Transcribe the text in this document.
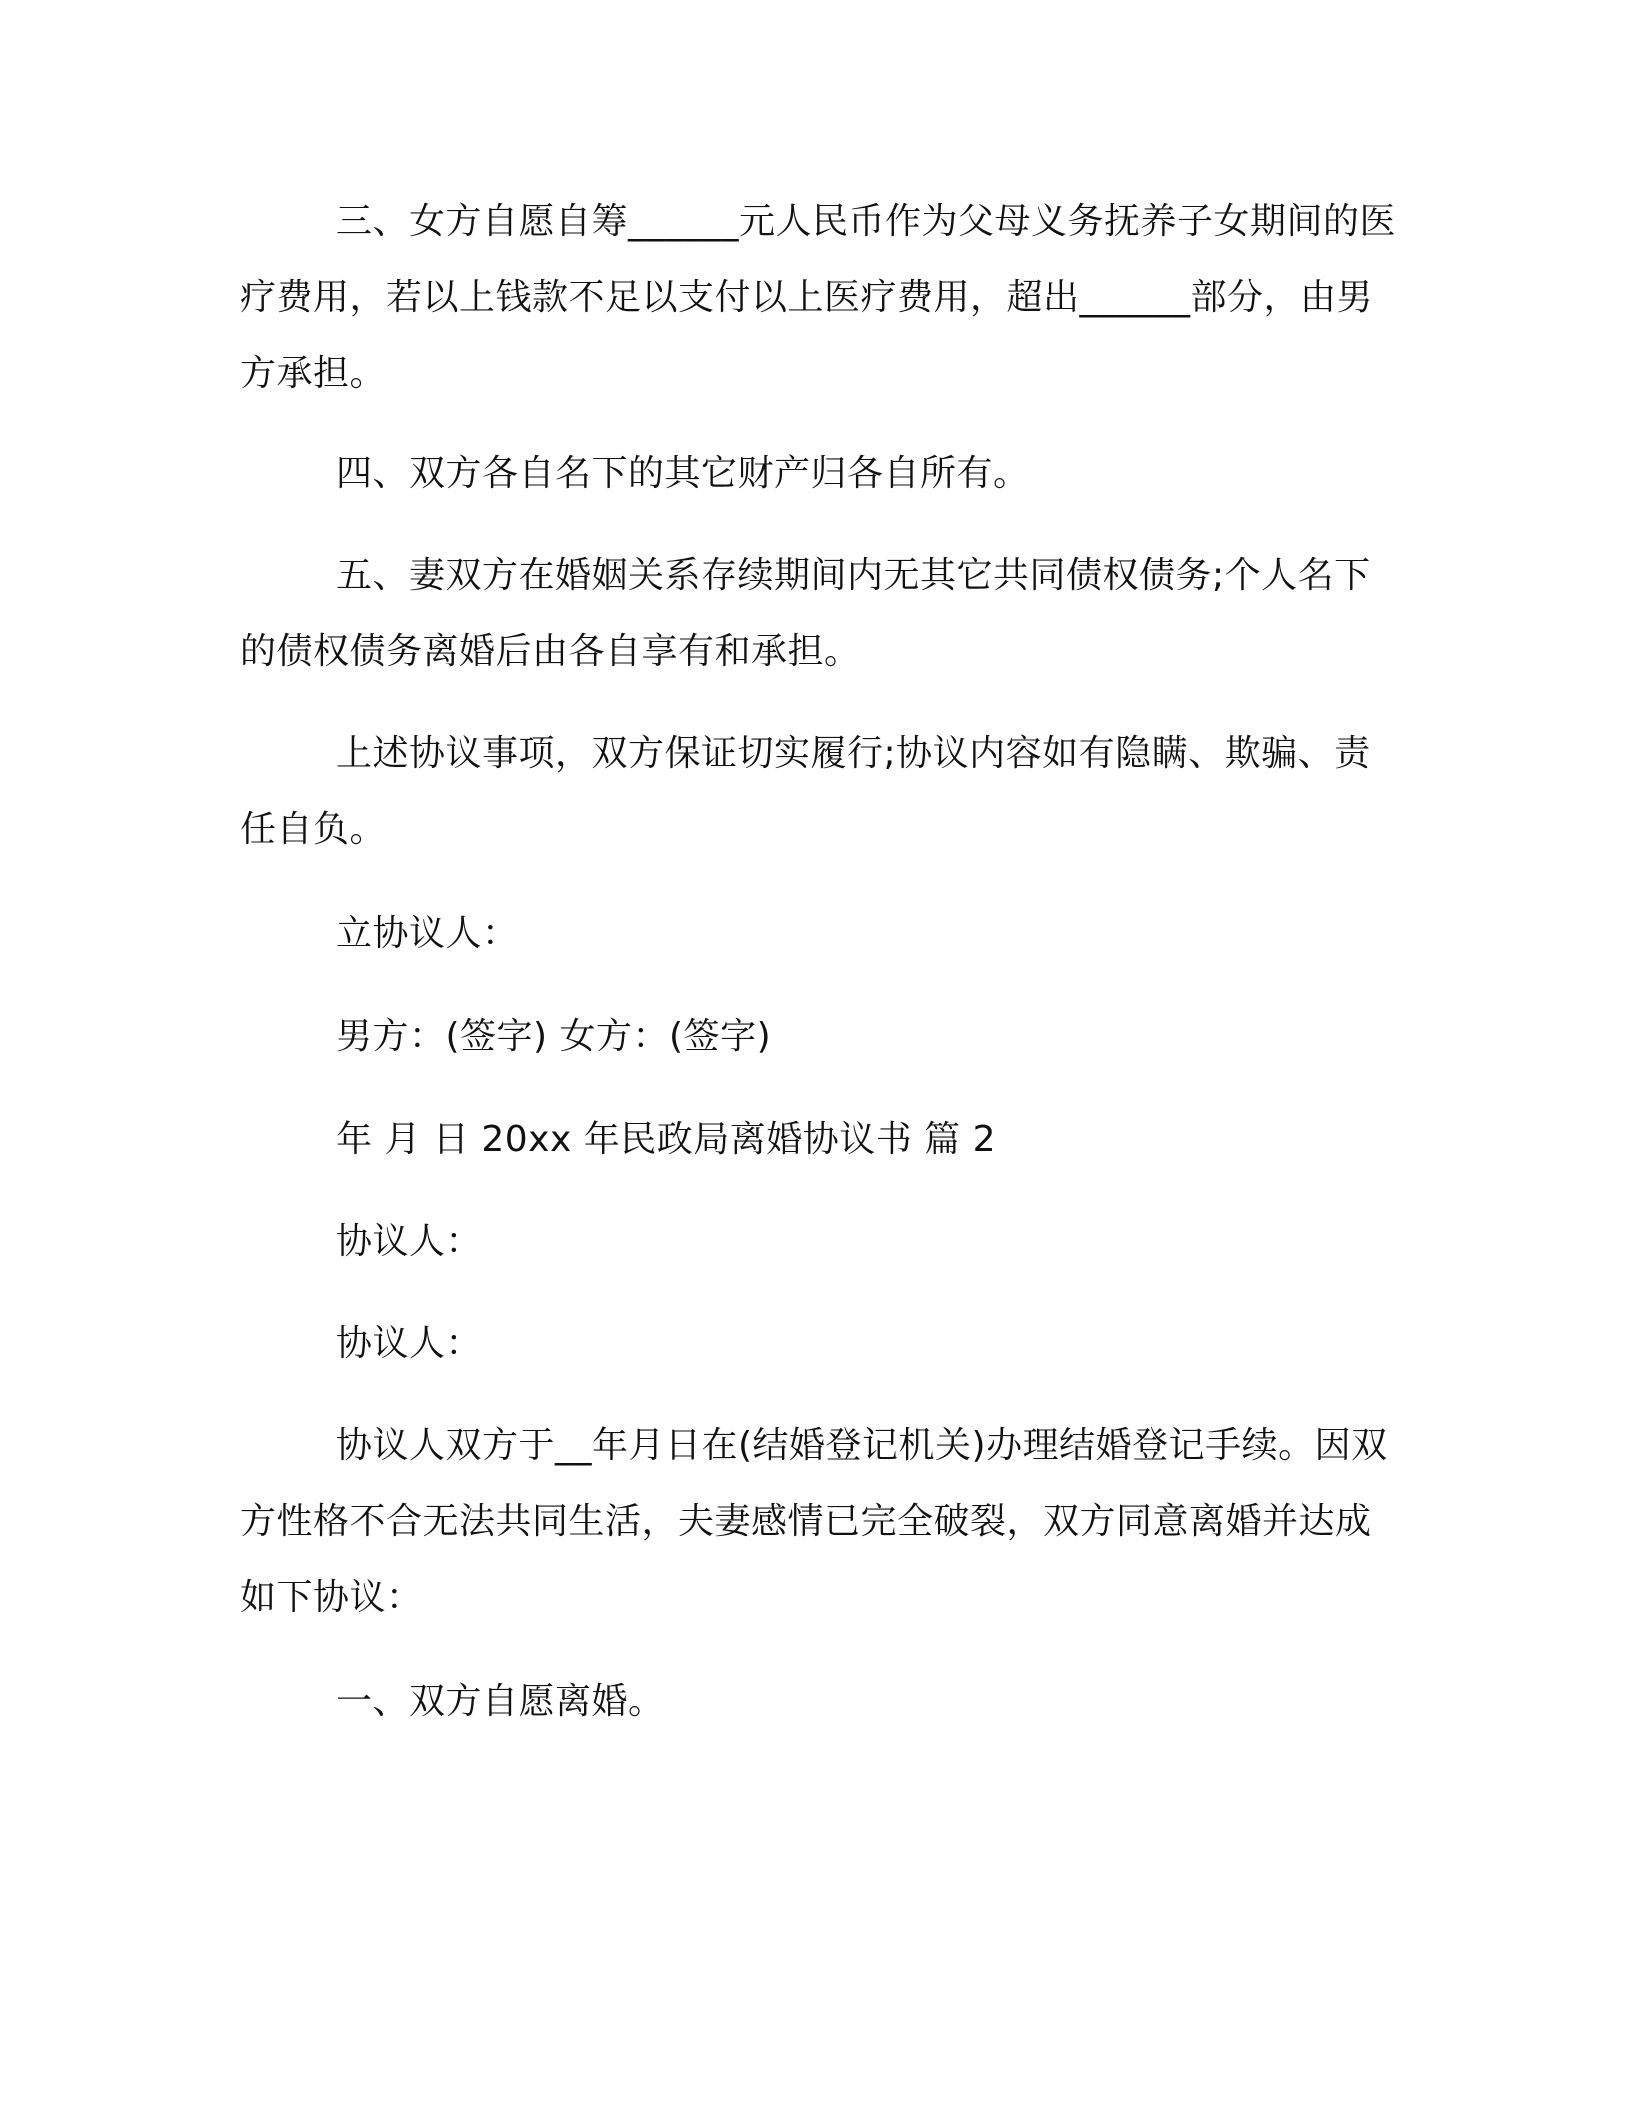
三、女方自愿自筹______元人民币作为父母义务抚养子女期间的医疗费用，若以上钱款不足以支付以上医疗费用，超出______部分，由男方承担。

四、双方各自名下的其它财产归各自所有。

五、妻双方在婚姻关系存续期间内无其它共同债权债务;个人名下的债权债务离婚后由各自享有和承担。

上述协议事项，双方保证切实履行;协议内容如有隐瞒、欺骗、责任自负。

立协议人：

男方：(签字) 女方：(签字)

年 月 日 20xx 年民政局离婚协议书 篇 2

协议人：

协议人：

协议人双方于__年月日在(结婚登记机关)办理结婚登记手续。因双方性格不合无法共同生活，夫妻感情已完全破裂，双方同意离婚并达成如下协议：

一、双方自愿离婚。
